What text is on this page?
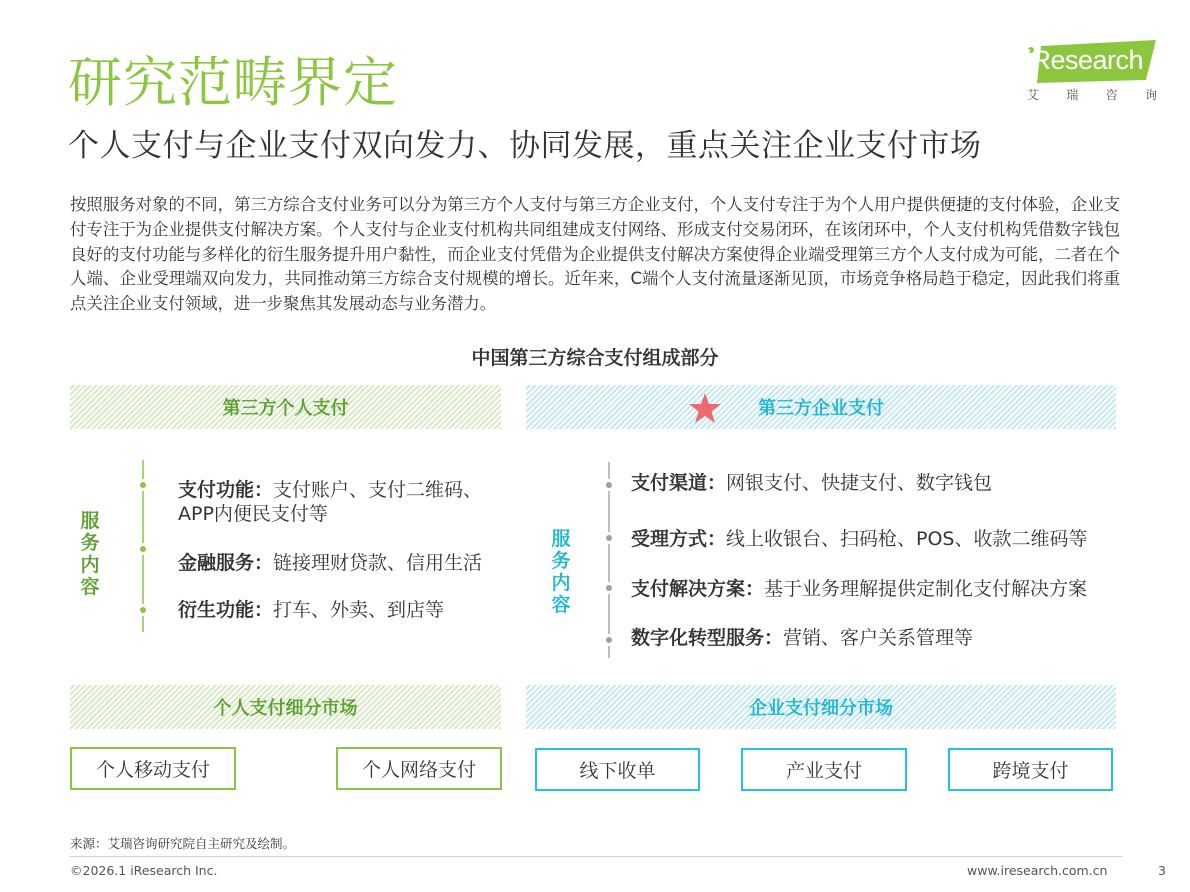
研究范畴界定
个人支付与企业支付双向发力、协同发展，重点关注企业支付市场
iResearch
艾 瑞 咨 询
按照服务对象的不同，第三方综合支付业务可以分为第三方个人支付与第三方企业支付，个人支付专注于为个人用户提供便捷的支付体验，企业支付专注于为企业提供支付解决方案。个人支付与企业支付机构共同组建成支付网络、形成支付交易闭环，在该闭环中，个人支付机构凭借数字钱包良好的支付功能与多样化的衍生服务提升用户黏性，而企业支付凭借为企业提供支付解决方案使得企业端受理第三方个人支付成为可能，二者在个人端、企业受理端双向发力，共同推动第三方综合支付规模的增长。近年来，C端个人支付流量逐渐见顶，市场竞争格局趋于稳定，因此我们将重点关注企业支付领域，进一步聚焦其发展动态与业务潜力。
中国第三方综合支付组成部分
第三方个人支付	第三方企业支付
服
务
内
容
支付功能：支付账户、支付二维码、
APP内便民支付等
金融服务：链接理财贷款、信用生活
衍生功能：打车、外卖、到店等
服
务
内
容
支付渠道：网银支付、快捷支付、数字钱包
受理方式：线上收银台、扫码枪、POS、收款二维码等
支付解决方案：基于业务理解提供定制化支付解决方案
数字化转型服务：营销、客户关系管理等
个人支付细分市场	企业支付细分市场
个人移动支付	个人网络支付	线下收单	产业支付	跨境支付
来源：艾瑞咨询研究院自主研究及绘制。
©2026.1 iResearch Inc.	www.iresearch.com.cn	3
